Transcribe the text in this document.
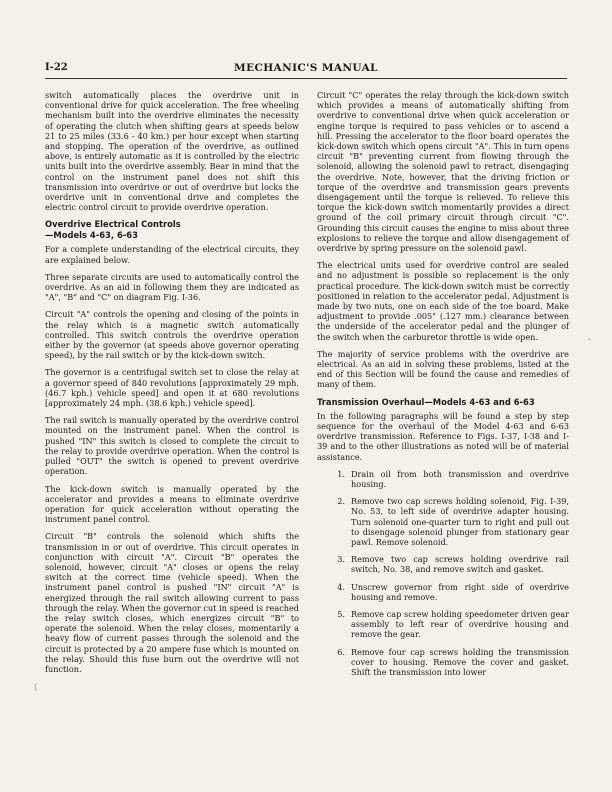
I-22	MECHANIC'S MANUAL

switch automatically places the overdrive unit in conventional drive for quick acceleration. The free wheeling mechanism built into the overdrive eliminates the necessity of operating the clutch when shifting gears at speeds below 21 to 25 miles (33.6 - 40 km.) per hour except when starting and stopping. The operation of the overdrive, as outlined above, is entirely automatic as it is controlled by the electric units built into the overdrive assembly. Bear in mind that the control on the instrument panel does not shift this transmission into overdrive or out of overdrive but locks the overdrive unit in conventional drive and completes the electric control circuit to provide overdrive operation.

Overdrive Electrical Controls
—Models 4-63, 6-63

For a complete understanding of the electrical circuits, they are explained below.

Three separate circuits are used to automatically control the overdrive. As an aid in following them they are indicated as "A", "B" and "C" on diagram Fig. I-36.

Circuit "A" controls the opening and closing of the points in the relay which is a magnetic switch automatically controlled. This switch controls the overdrive operation either by the governor (at speeds above governor operating speed), by the rail switch or by the kick-down switch.

The governor is a centrifugal switch set to close the relay at a governor speed of 840 revolutions [approximately 29 mph. (46.7 kph.) vehicle speed] and open it at 680 revolutions [approximately 24 mph. (38.6 kph.) vehicle speed].

The rail switch is manually operated by the overdrive control mounted on the instrument panel. When the control is pushed "IN" this switch is closed to complete the circuit to the relay to provide overdrive operation. When the control is pulled "OUT" the switch is opened to prevent overdrive operation.

The kick-down switch is manually operated by the accelerator and provides a means to eliminate overdrive operation for quick acceleration without operating the instrument panel control.

Circuit "B" controls the solenoid which shifts the transmission in or out of overdrive. This circuit operates in conjunction with circuit "A". Circuit "B" operates the solenoid, however, circuit "A" closes or opens the relay switch at the correct time (vehicle speed). When the instrument panel control is pushed "IN" circuit "A" is energized through the rail switch allowing current to pass through the relay. When the governor cut in speed is reached the relay switch closes, which energizes circuit "B" to operate the solenoid. When the relay closes, momentarily a heavy flow of current passes through the solenoid and the circuit is protected by a 20 ampere fuse which is mounted on the relay. Should this fuse burn out the overdrive will not function.

Circuit "C" operates the relay through the kick-down switch which provides a means of automatically shifting from overdrive to conventional drive when quick acceleration or engine torque is required to pass vehicles or to ascend a hill. Pressing the accelerator to the floor board operates the kick-down switch which opens circuit "A". This in turn opens circuit "B" preventing current from flowing through the solenoid, allowing the solenoid pawl to retract, disengaging the overdrive. Note, however, that the driving friction or torque of the overdrive and transmission gears prevents disengagement until the torque is relieved. To relieve this torque the kick-down switch momentarily provides a direct ground of the coil primary circuit through circuit "C". Grounding this circuit causes the engine to miss about three explosions to relieve the torque and allow disengagement of overdrive by spring pressure on the solenoid pawl.

The electrical units used for overdrive control are sealed and no adjustment is possible so replacement is the only practical procedure. The kick-down switch must be correctly positioned in relation to the accelerator pedal. Adjustment is made by two nuts, one on each side of the toe board. Make adjustment to provide .005" (.127 mm.) clearance between the underside of the accelerator pedal and the plunger of the switch when the carburetor throttle is wide open.

The majority of service problems with the overdrive are electrical. As an aid in solving these problems, listed at the end of this Section will be found the cause and remedies of many of them.

Transmission Overhaul—Models 4-63 and 6-63

In the following paragraphs will be found a step by step sequence for the overhaul of the Model 4-63 and 6-63 overdrive transmission. Reference to Figs. I-37, I-38 and I-39 and to the other illustrations as noted will be of material assistance.

1. Drain oil from both transmission and overdrive housing.
2. Remove two cap screws holding solenoid, Fig. I-39, No. 53, to left side of overdrive adapter housing. Turn solenoid one-quarter turn to right and pull out to disengage solenoid plunger from stationary gear pawl. Remove solenoid.
3. Remove two cap screws holding overdrive rail switch, No. 38, and remove switch and gasket.
4. Unscrew governor from right side of overdrive housing and remove.
5. Remove cap screw holding speedometer driven gear assembly to left rear of overdrive housing and remove the gear.
6. Remove four cap screws holding the transmission cover to housing. Remove the cover and gasket. Shift the transmission into lower
'
(
